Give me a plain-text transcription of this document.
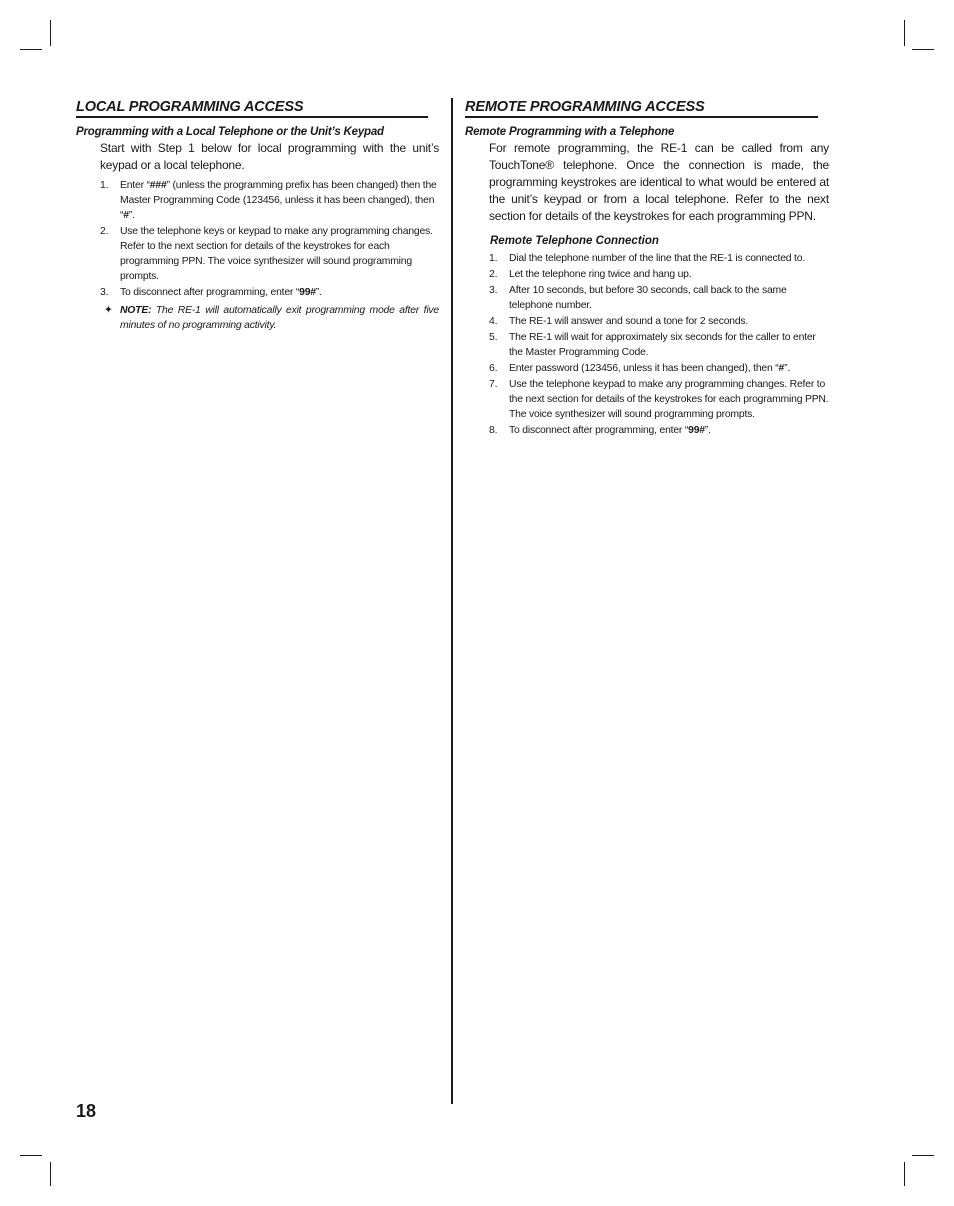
LOCAL PROGRAMMING ACCESS
Programming with a Local Telephone or the Unit’s Keypad

Start with Step 1 below for local programming with the unit’s keypad or a local telephone.

1. Enter “###” (unless the programming prefix has been changed) then the Master Programming Code (123456, unless it has been changed), then “#”.
2. Use the telephone keys or keypad to make any programming changes. Refer to the next section for details of the keystrokes for each programming PPN. The voice synthesizer will sound programming prompts.
3. To disconnect after programming, enter “99#”.
✦ NOTE: The RE-1 will automatically exit programming mode after five minutes of no programming activity.
REMOTE PROGRAMMING ACCESS
Remote Programming with a Telephone

For remote programming, the RE-1 can be called from any TouchTone® telephone. Once the connection is made, the programming keystrokes are identical to what would be entered at the unit’s keypad or from a local telephone. Refer to the next section for details of the keystrokes for each programming PPN.

Remote Telephone Connection
1. Dial the telephone number of the line that the RE-1 is connected to.
2. Let the telephone ring twice and hang up.
3. After 10 seconds, but before 30 seconds, call back to the same telephone number.
4. The RE-1 will answer and sound a tone for 2 seconds.
5. The RE-1 will wait for approximately six seconds for the caller to enter the Master Programming Code.
6. Enter password (123456, unless it has been changed), then “#”.
7. Use the telephone keypad to make any programming changes. Refer to the next section for details of the keystrokes for each programming PPN. The voice synthesizer will sound programming prompts.
8. To disconnect after programming, enter “99#”.
18
